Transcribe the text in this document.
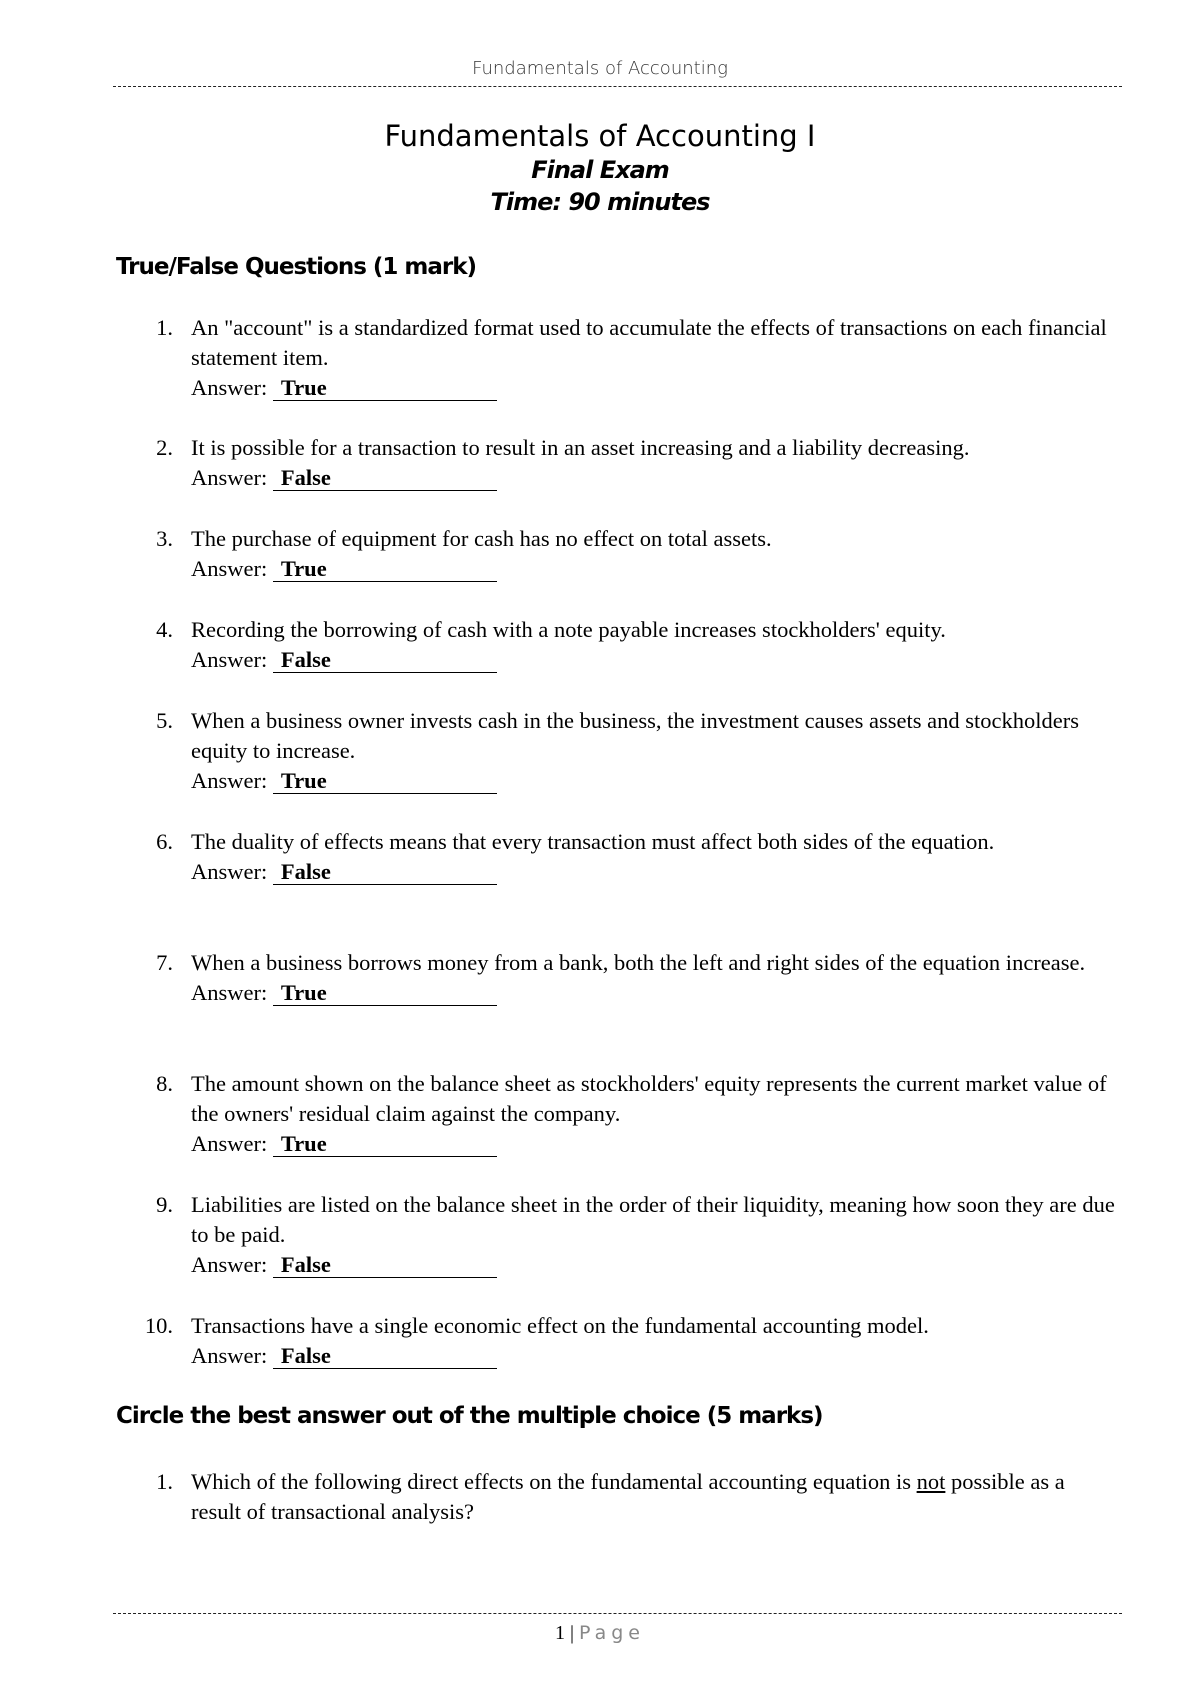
Fundamentals of Accounting
Fundamentals of Accounting I
Final Exam
Time: 90 minutes
True/False Questions (1 mark)
1. An "account" is a standardized format used to accumulate the effects of transactions on each financial statement item.
Answer: True
2. It is possible for a transaction to result in an asset increasing and a liability decreasing.
Answer: False
3. The purchase of equipment for cash has no effect on total assets.
Answer: True
4. Recording the borrowing of cash with a note payable increases stockholders' equity.
Answer: False
5. When a business owner invests cash in the business, the investment causes assets and stockholders equity to increase.
Answer: True
6. The duality of effects means that every transaction must affect both sides of the equation.
Answer: False
7. When a business borrows money from a bank, both the left and right sides of the equation increase.
Answer: True
8. The amount shown on the balance sheet as stockholders' equity represents the current market value of the owners' residual claim against the company.
Answer: True
9. Liabilities are listed on the balance sheet in the order of their liquidity, meaning how soon they are due to be paid.
Answer: False
10. Transactions have a single economic effect on the fundamental accounting model.
Answer: False
Circle the best answer out of the multiple choice (5 marks)
1. Which of the following direct effects on the fundamental accounting equation is not possible as a result of transactional analysis?
1 | Page
